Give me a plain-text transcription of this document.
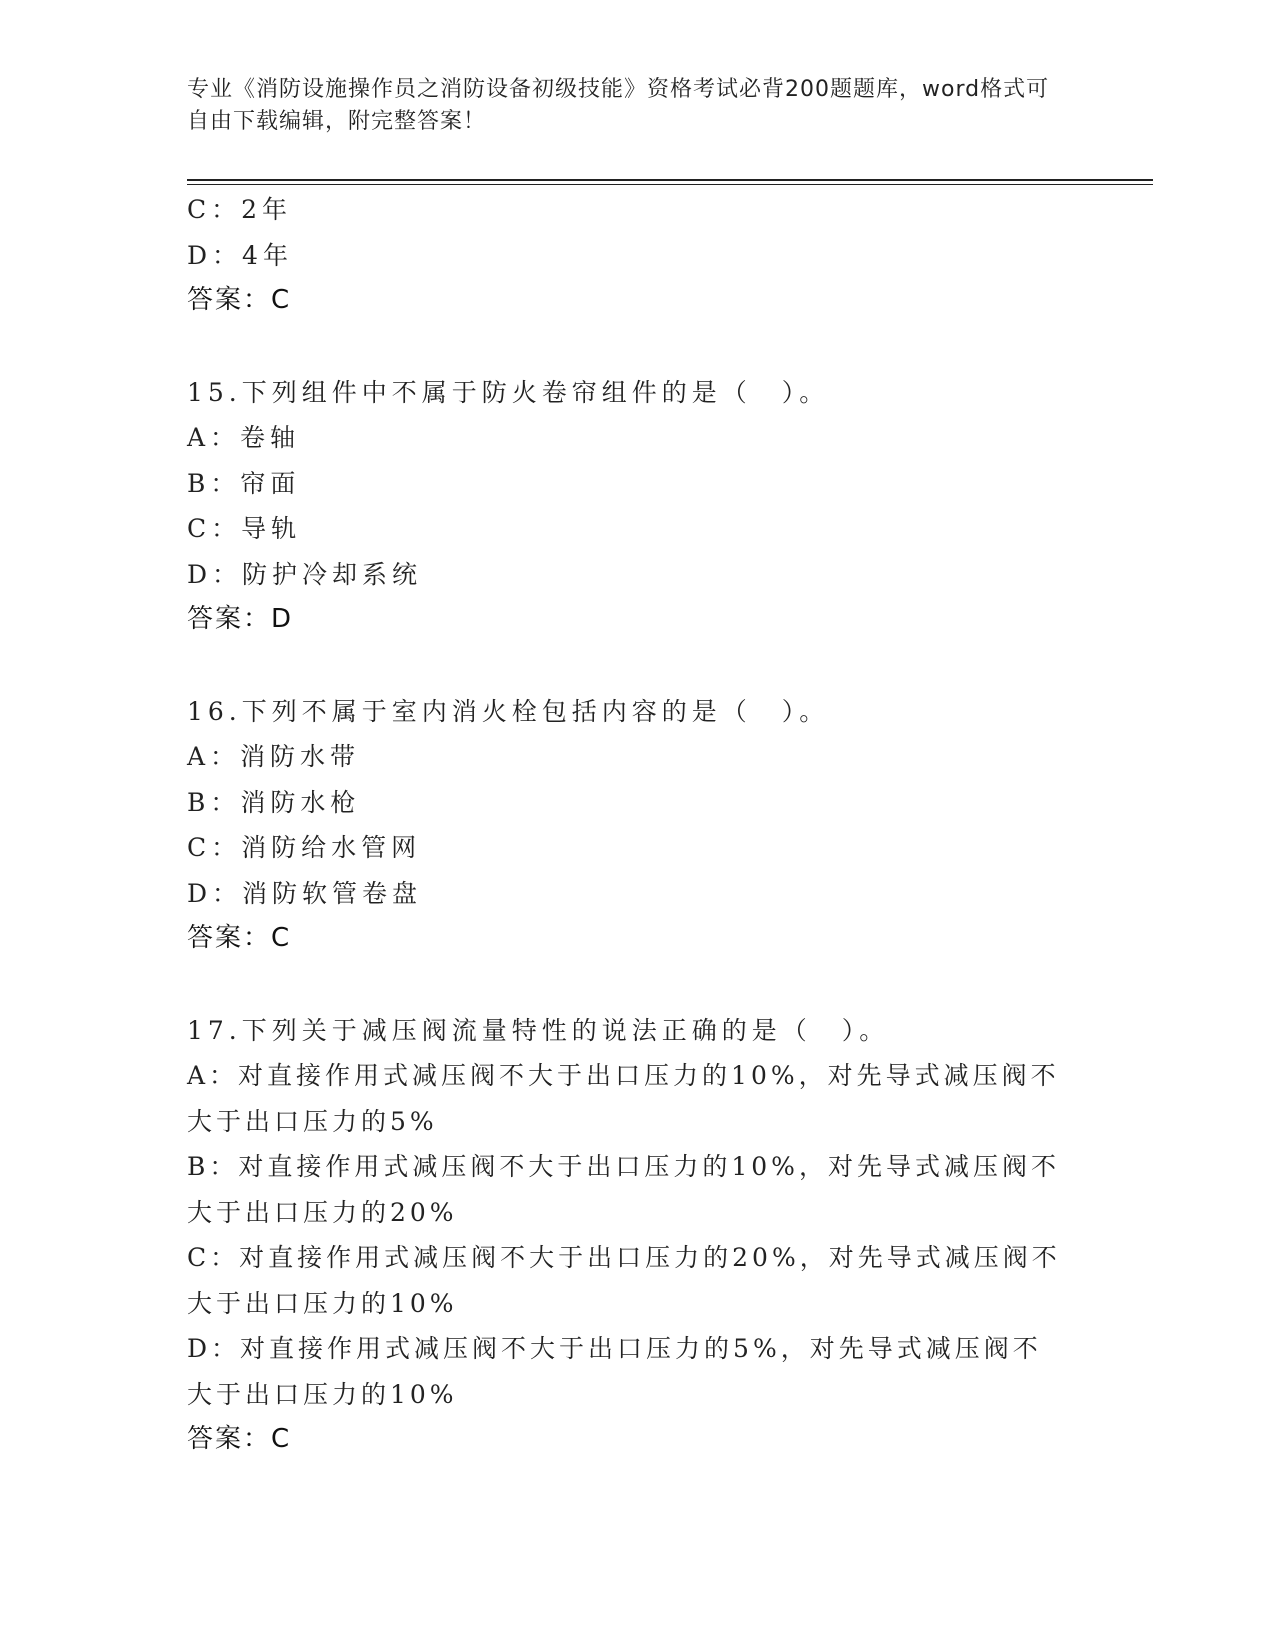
专业《消防设施操作员之消防设备初级技能》资格考试必背200题题库，word格式可自由下载编辑，附完整答案！
C：2年
D：4年
答案：C
15.下列组件中不属于防火卷帘组件的是（　）。
A：卷轴
B：帘面
C：导轨
D：防护冷却系统
答案：D
16.下列不属于室内消火栓包括内容的是（　）。
A：消防水带
B：消防水枪
C：消防给水管网
D：消防软管卷盘
答案：C
17.下列关于减压阀流量特性的说法正确的是（　）。
A：对直接作用式减压阀不大于出口压力的10%，对先导式减压阀不大于出口压力的5%
B：对直接作用式减压阀不大于出口压力的10%，对先导式减压阀不大于出口压力的20%
C：对直接作用式减压阀不大于出口压力的20%，对先导式减压阀不大于出口压力的10%
D：对直接作用式减压阀不大于出口压力的5%，对先导式减压阀不大于出口压力的10%
答案：C
